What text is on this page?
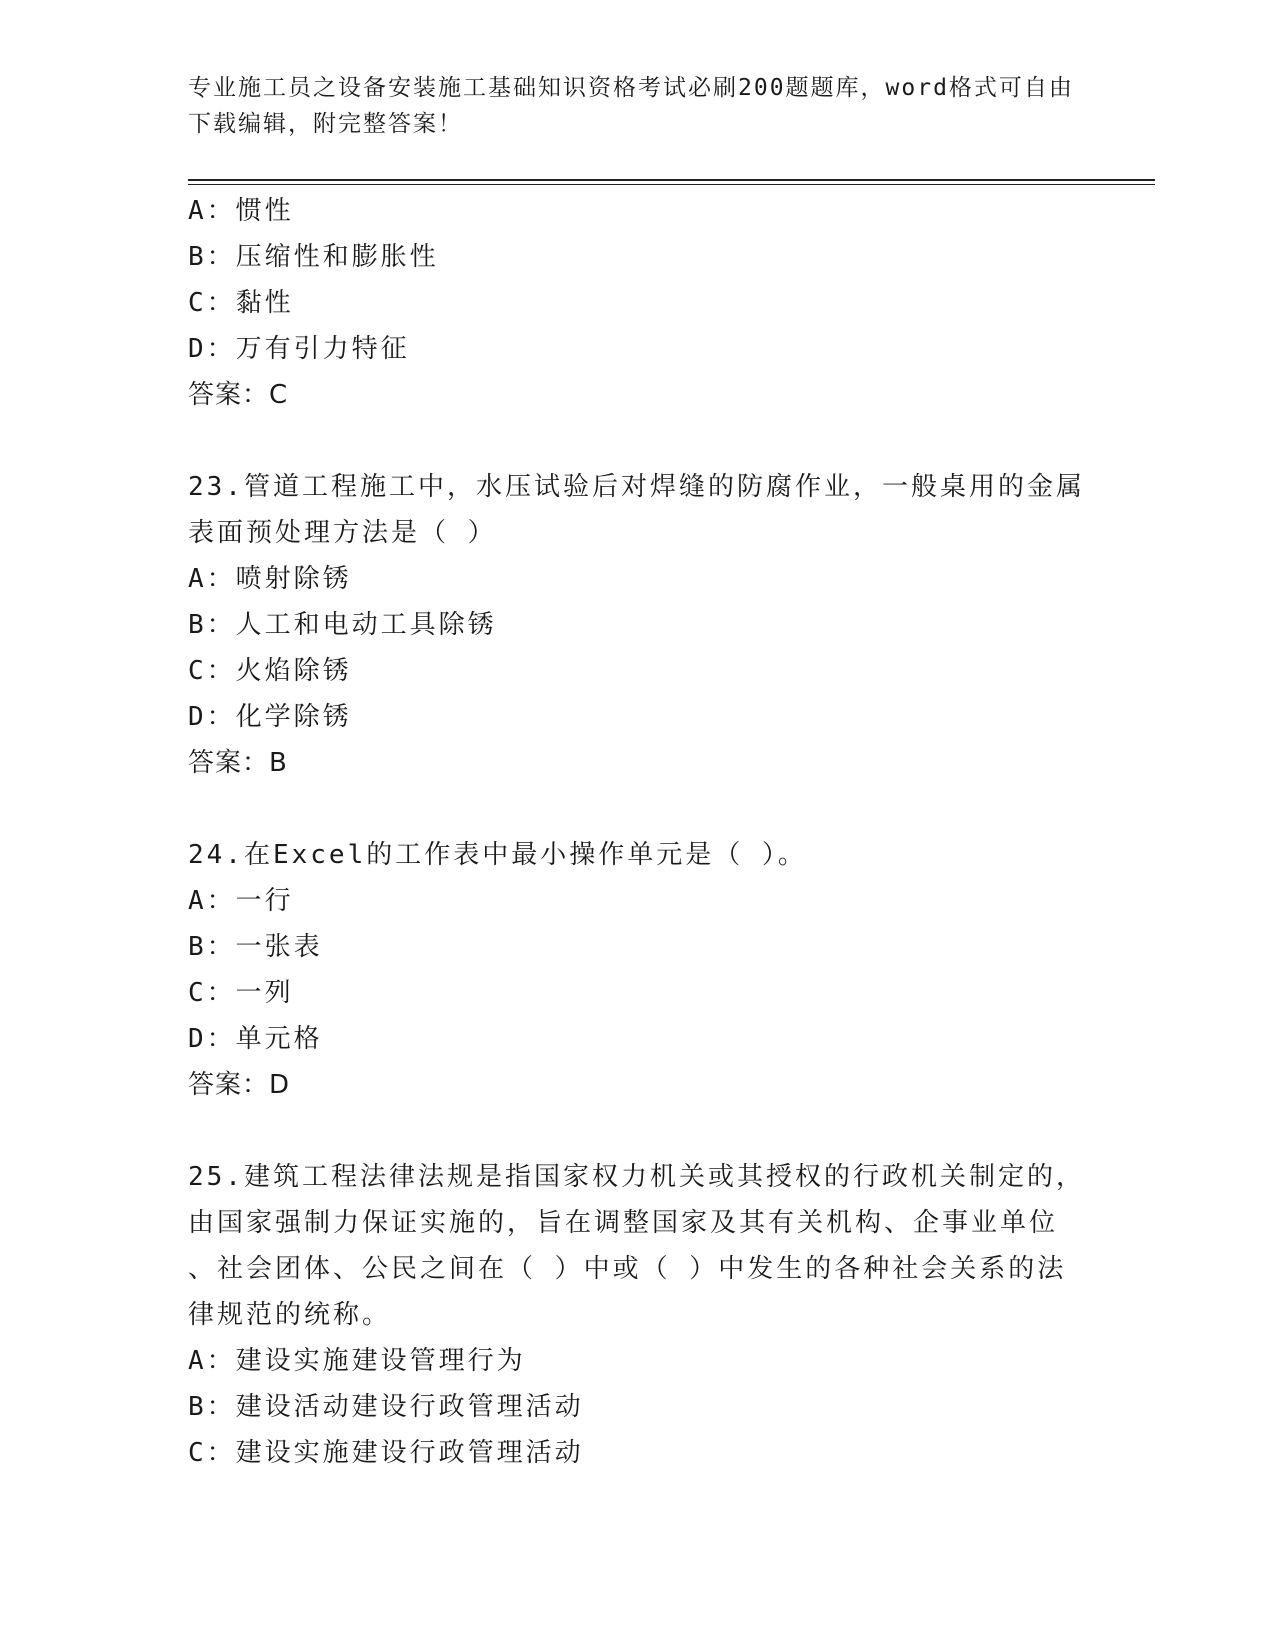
专业施工员之设备安装施工基础知识资格考试必刷200题题库，word格式可自由
下载编辑，附完整答案！
A：惯性
B：压缩性和膨胀性
C：黏性
D：万有引力特征
答案：C
23.管道工程施工中，水压试验后对焊缝的防腐作业，一般桌用的金属
表面预处理方法是（ ）
A：喷射除锈
B：人工和电动工具除锈
C：火焰除锈
D：化学除锈
答案：B
24.在Excel的工作表中最小操作单元是（ ）。
A：一行
B：一张表
C：一列
D：单元格
答案：D
25.建筑工程法律法规是指国家权力机关或其授权的行政机关制定的，
由国家强制力保证实施的，旨在调整国家及其有关机构、企事业单位
、社会团体、公民之间在（ ）中或（ ）中发生的各种社会关系的法
律规范的统称。
A：建设实施建设管理行为
B：建设活动建设行政管理活动
C：建设实施建设行政管理活动
